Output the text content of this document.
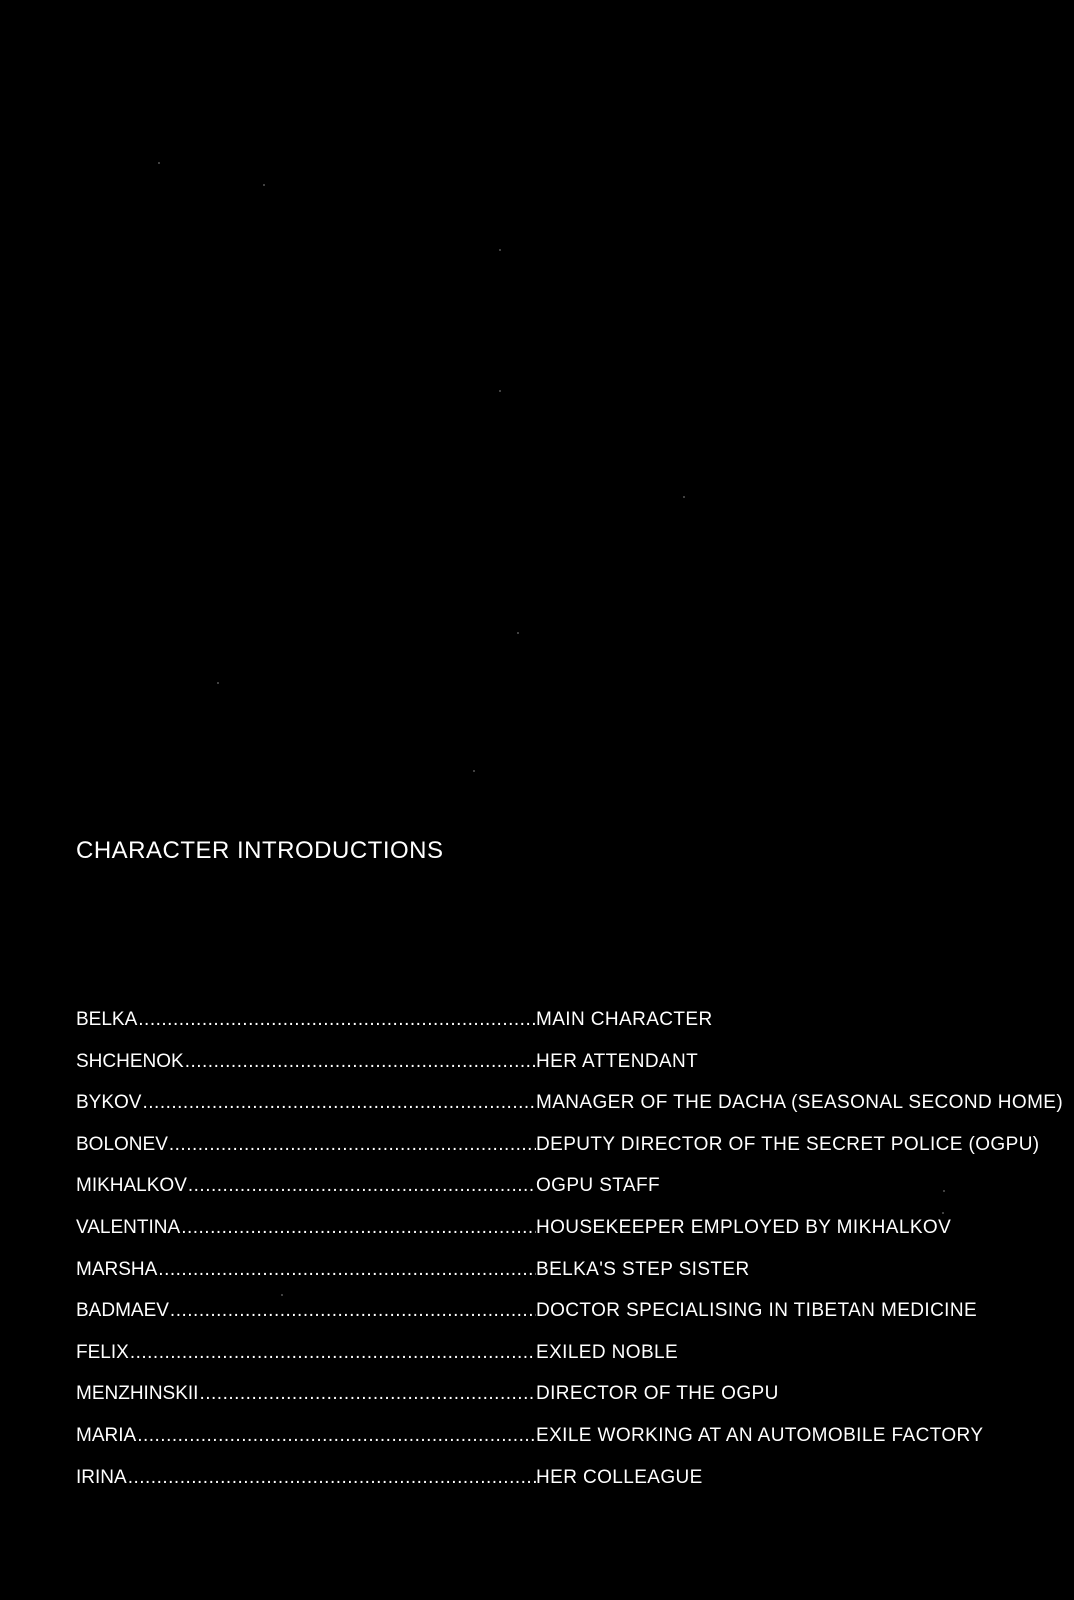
CHARACTER INTRODUCTIONS
BELKA .....	MAIN CHARACTER
SHCHENOK .....	HER ATTENDANT
BYKOV .....	MANAGER OF THE DACHA (SEASONAL SECOND HOME)
BOLONEV .....	DEPUTY DIRECTOR OF THE SECRET POLICE (OGPU)
MIKHALKOV .....	OGPU STAFF
VALENTINA .....	HOUSEKEEPER EMPLOYED BY MIKHALKOV
MARSHA .....	BELKA'S STEP SISTER
BADMAEV .....	DOCTOR SPECIALISING IN TIBETAN MEDICINE
FELIX .....	EXILED NOBLE
MENZHINSKII .....	DIRECTOR OF THE OGPU
MARIA .....	EXILE WORKING AT AN AUTOMOBILE FACTORY
IRINA .....	HER COLLEAGUE
